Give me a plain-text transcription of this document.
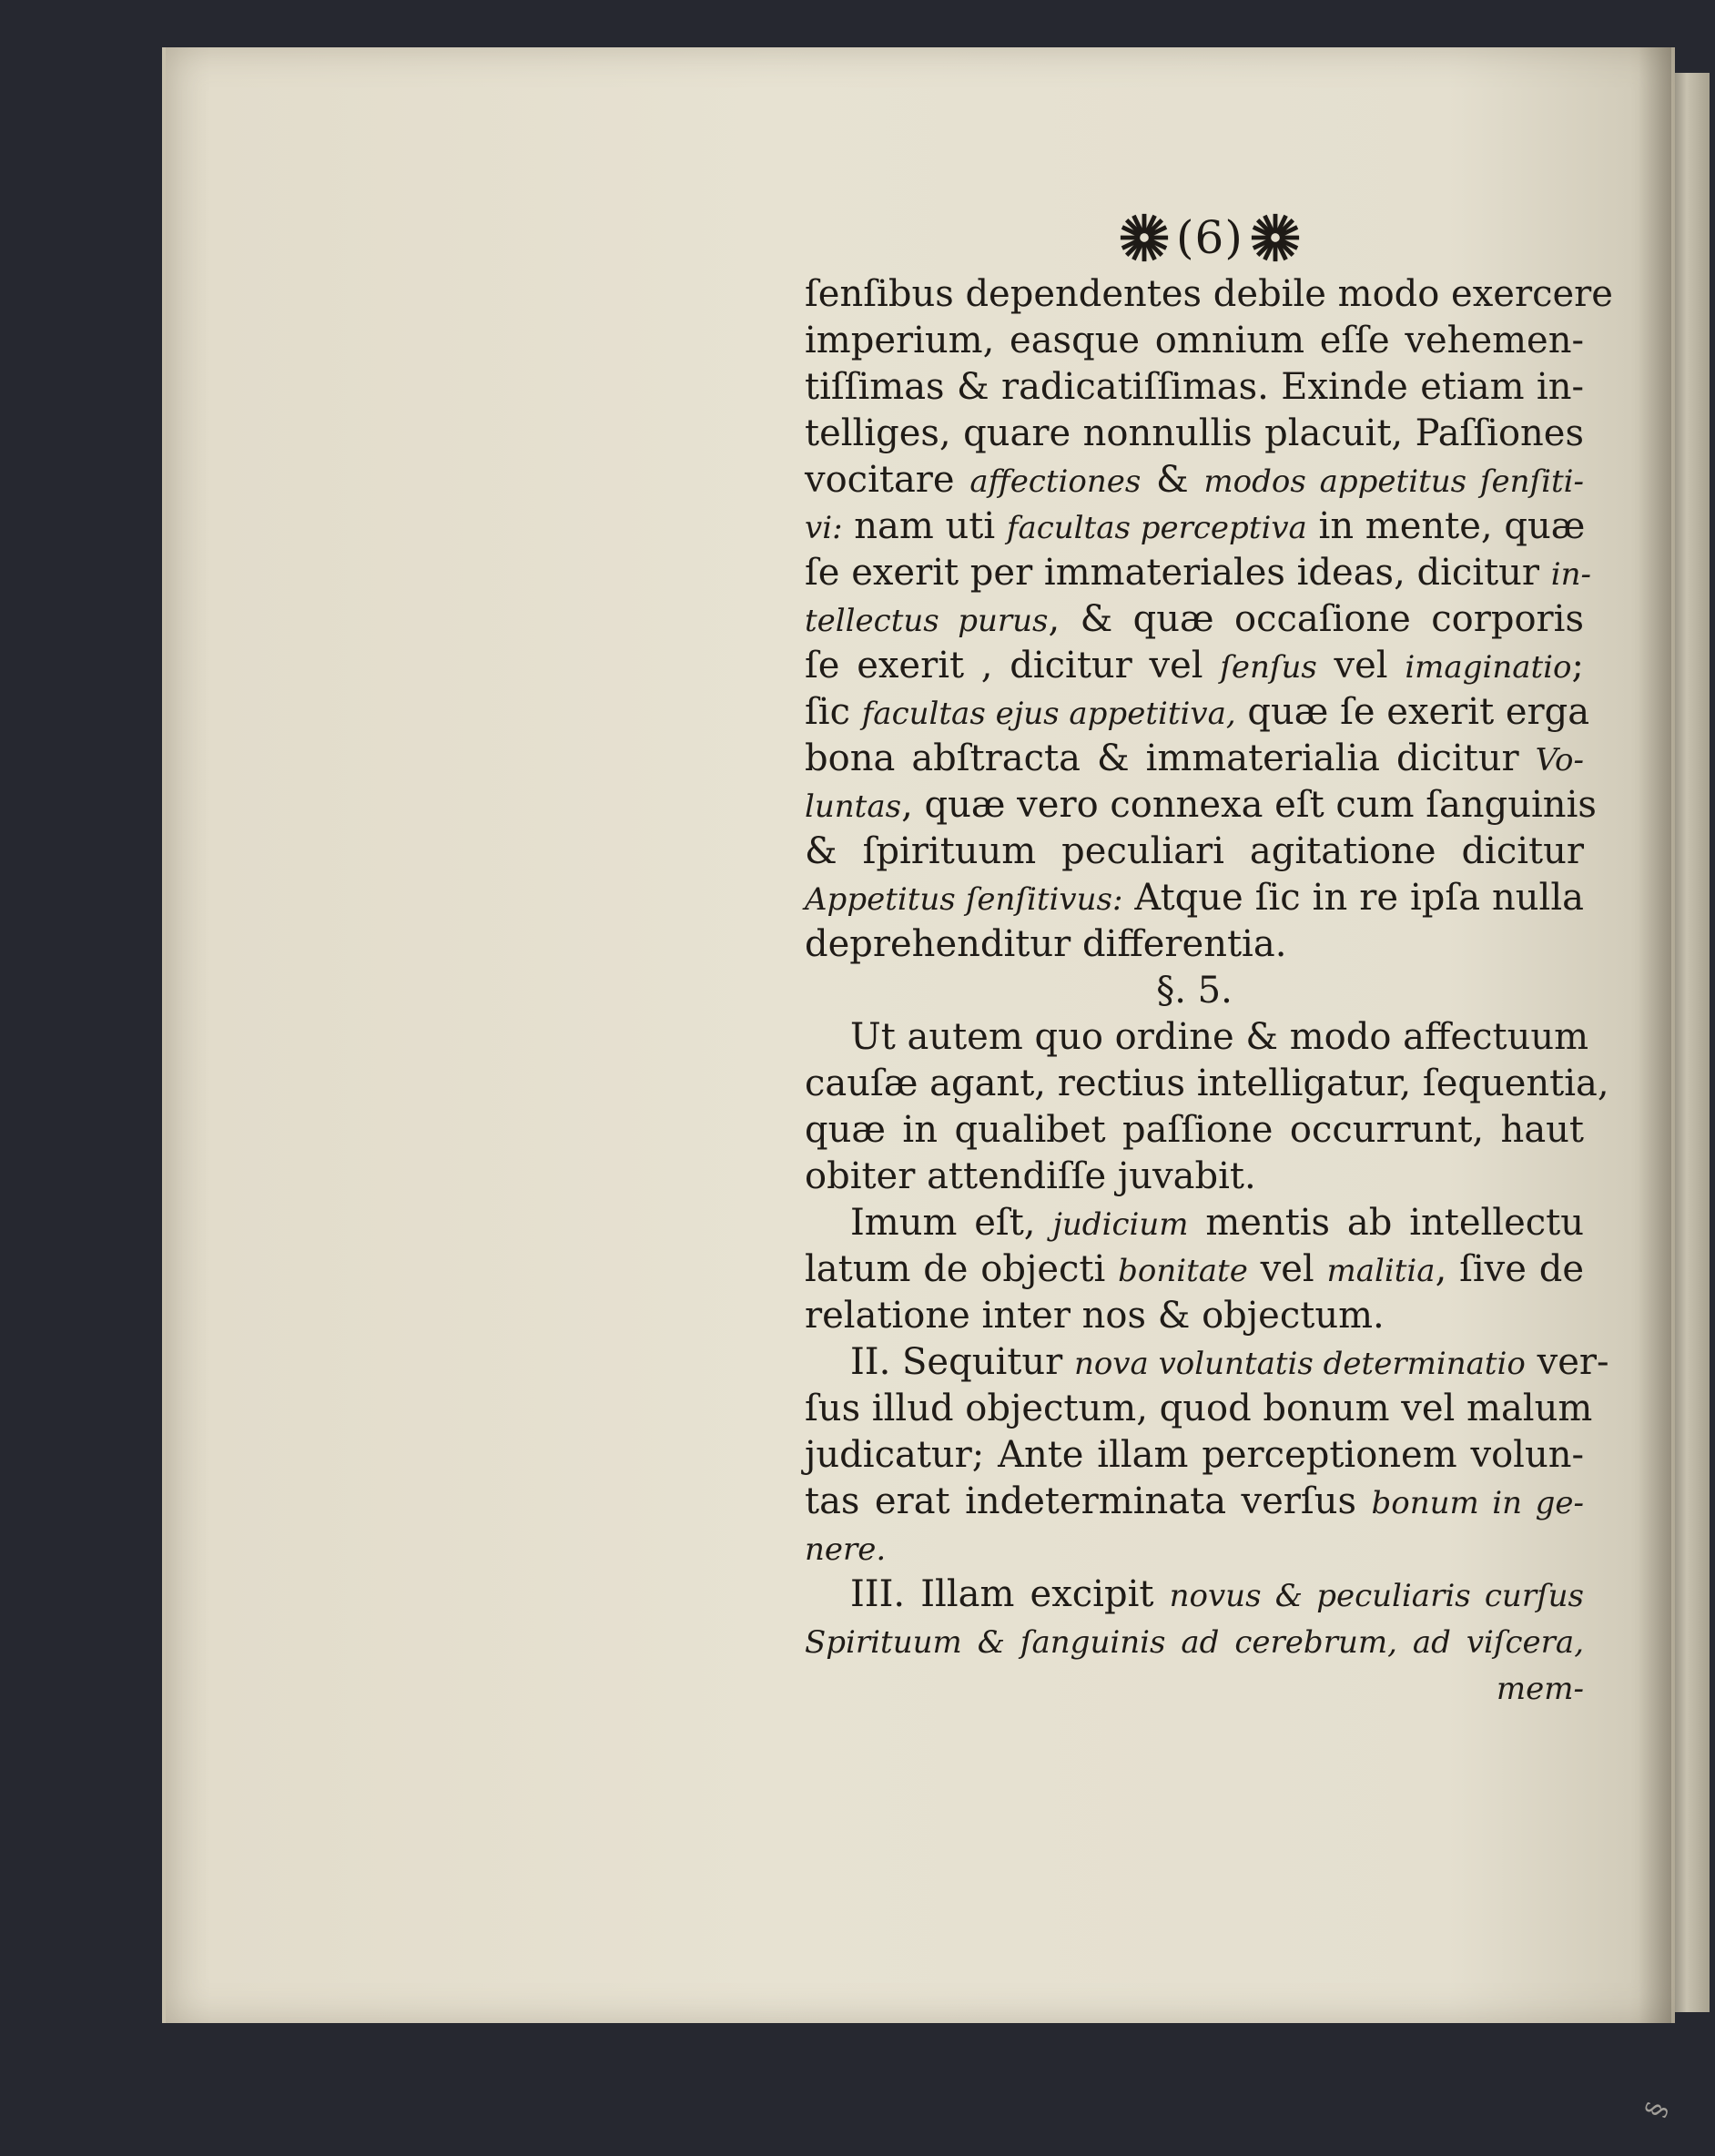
§
(6)
ſenſibus dependentes debile modo exercere
imperium, easque omnium eſſe vehemen-
tiſſimas & radicatiſſimas. Exinde etiam in-
telliges, quare nonnullis placuit, Paſſiones
vocitare affectiones & modos appetitus ſenſiti-
vi: nam uti facultas perceptiva in mente, quæ
ſe exerit per immateriales ideas, dicitur in-
tellectus purus, & quæ occaſione corporis
ſe exerit , dicitur vel ſenſus vel imaginatio;
ſic facultas ejus appetitiva, quæ ſe exerit erga
bona abſtracta & immaterialia dicitur Vo-
luntas, quæ vero connexa eſt cum ſanguinis
& ſpirituum peculiari agitatione dicitur
Appetitus ſenſitivus: Atque ſic in re ipſa nulla
deprehenditur differentia.
§. 5.
Ut autem quo ordine & modo affectuum
cauſæ agant, rectius intelligatur, ſequentia,
quæ in qualibet paſſione occurrunt, haut
obiter attendiſſe juvabit.
Imum eſt, judicium mentis ab intellectu
latum de objecti bonitate vel malitia, ſive de
relatione inter nos & objectum.
II. Sequitur nova voluntatis determinatio ver-
ſus illud objectum, quod bonum vel malum
judicatur; Ante illam perceptionem volun-
tas erat indeterminata verſus bonum in ge-
nere.
III. Illam excipit novus & peculiaris curſus
Spirituum & ſanguinis ad cerebrum, ad viſcera,
mem-
